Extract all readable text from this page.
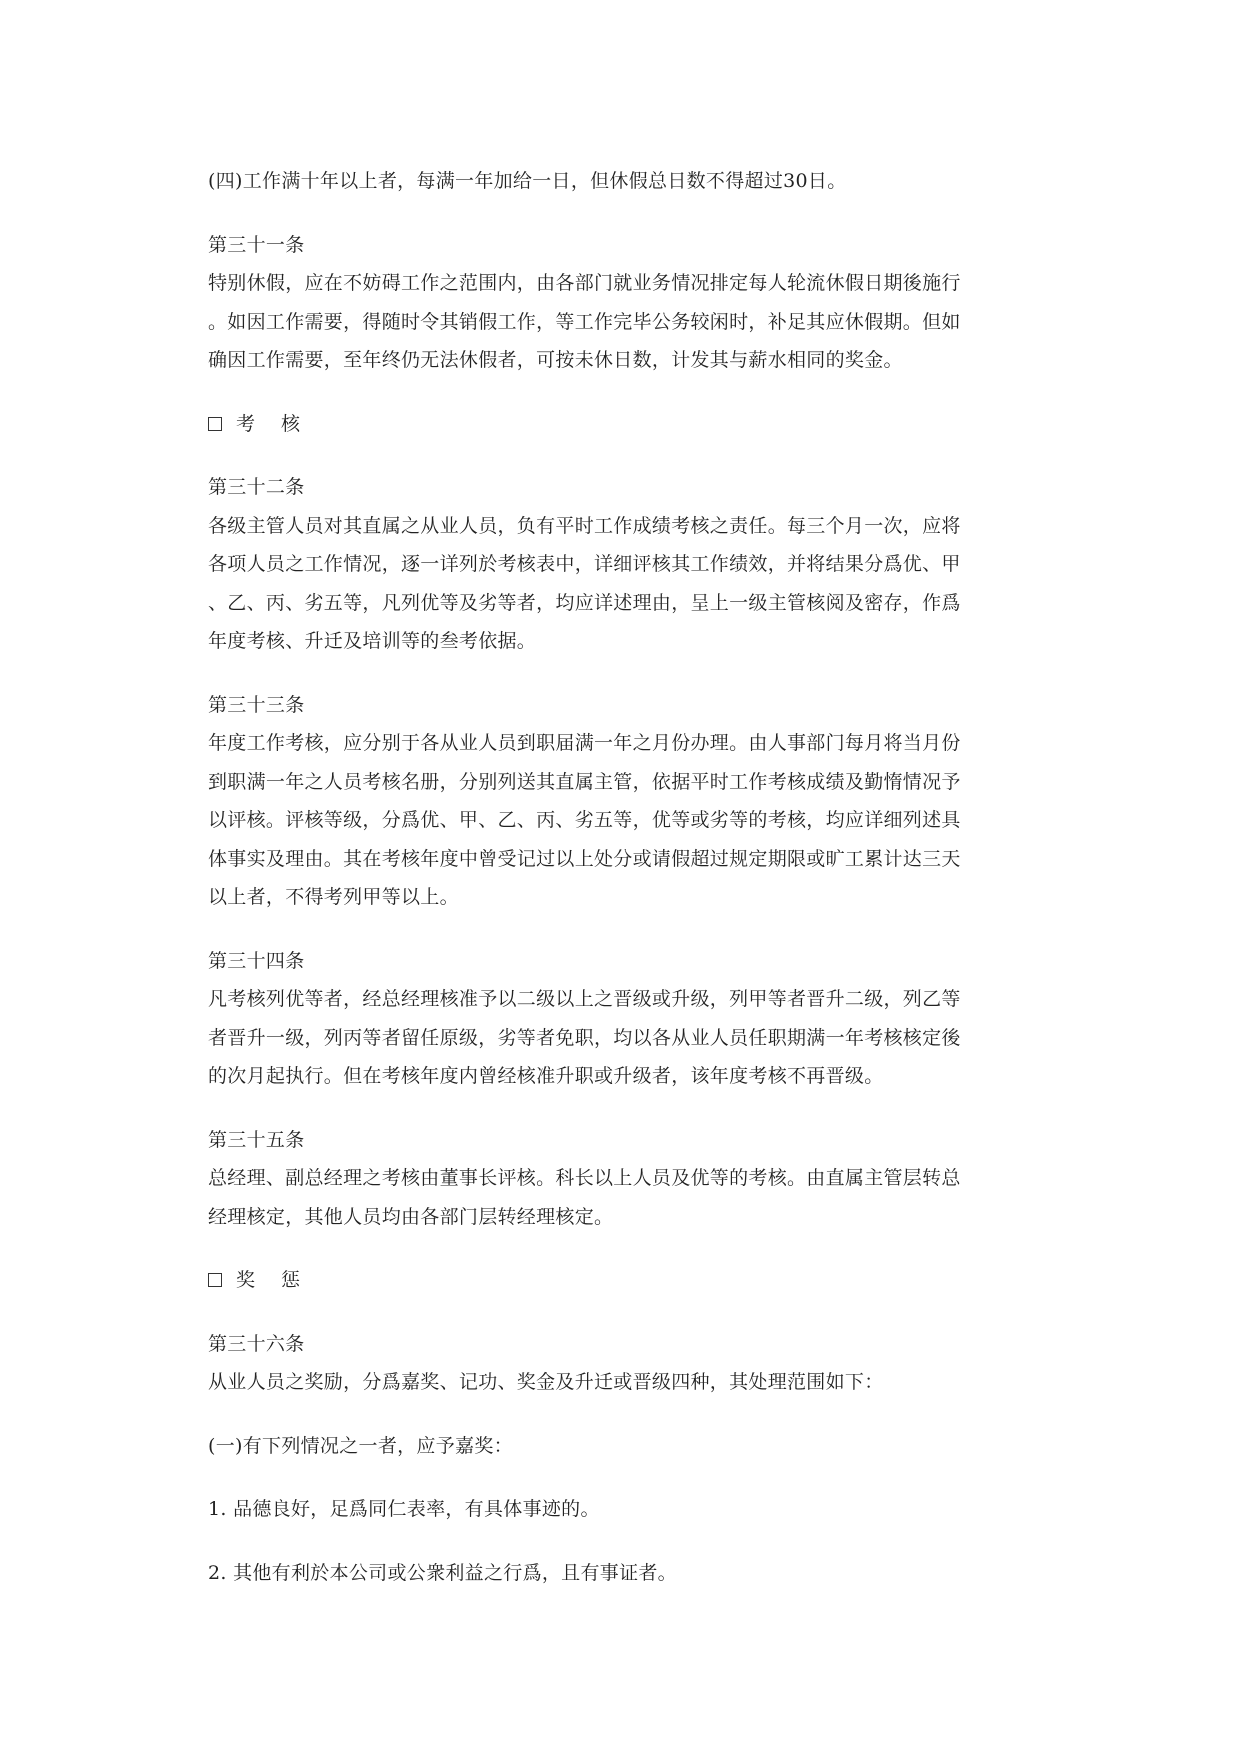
(四)工作满十年以上者，每满一年加给一日，但休假总日数不得超过30日。

第三十一条

特别休假，应在不妨碍工作之范围内，由各部门就业务情况排定每人轮流休假日期後施行

。如因工作需要，得随时令其销假工作，等工作完毕公务较闲时，补足其应休假期。但如

确因工作需要，至年终仍无法休假者，可按未休日数，计发其与薪水相同的奖金。

考 核

第三十二条

各级主管人员对其直属之从业人员，负有平时工作成绩考核之责任。每三个月一次，应将

各项人员之工作情况，逐一详列於考核表中，详细评核其工作绩效，并将结果分爲优、甲

、乙、丙、劣五等，凡列优等及劣等者，均应详述理由，呈上一级主管核阅及密存，作爲

年度考核、升迁及培训等的叁考依据。

第三十三条

年度工作考核，应分别于各从业人员到职届满一年之月份办理。由人事部门每月将当月份

到职满一年之人员考核名册，分别列送其直属主管，依据平时工作考核成绩及勤惰情况予

以评核。评核等级，分爲优、甲、乙、丙、劣五等，优等或劣等的考核，均应详细列述具

体事实及理由。其在考核年度中曾受记过以上处分或请假超过规定期限或旷工累计达三天

以上者，不得考列甲等以上。

第三十四条

凡考核列优等者，经总经理核准予以二级以上之晋级或升级，列甲等者晋升二级，列乙等

者晋升一级，列丙等者留任原级，劣等者免职，均以各从业人员任职期满一年考核核定後

的次月起执行。但在考核年度内曾经核准升职或升级者，该年度考核不再晋级。

第三十五条

总经理、副总经理之考核由董事长评核。科长以上人员及优等的考核。由直属主管层转总

经理核定，其他人员均由各部门层转经理核定。

奖 惩

第三十六条

从业人员之奖励，分爲嘉奖、记功、奖金及升迁或晋级四种，其处理范围如下：

(一)有下列情况之一者，应予嘉奖：

1. 品德良好，足爲同仁表率，有具体事迹的。

2. 其他有利於本公司或公衆利益之行爲，且有事证者。
